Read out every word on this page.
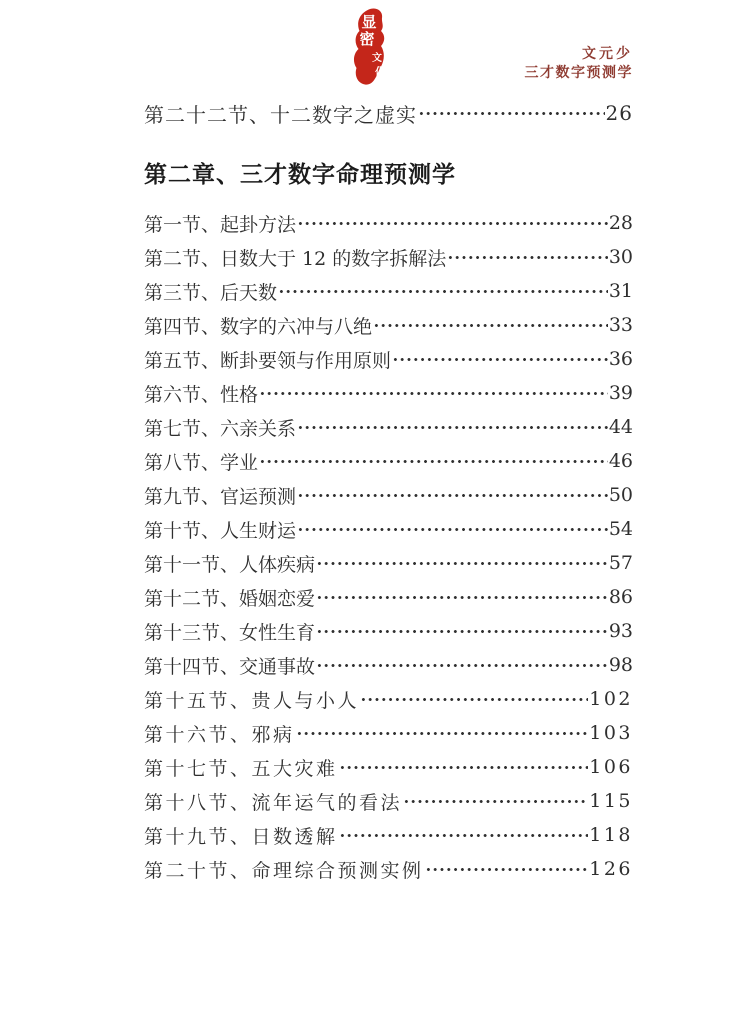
显
密
文
化
文元少
三才数字预测学
第二十二节、十二数字之虚实	26
第二章、三才数字命理预测学
第一节、起卦方法	28
第二节、日数大于 12 的数字拆解法	30
第三节、后天数	31
第四节、数字的六冲与八绝	33
第五节、断卦要领与作用原则	36
第六节、性格	39
第七节、六亲关系	44
第八节、学业	46
第九节、官运预测	50
第十节、人生财运	54
第十一节、人体疾病	57
第十二节、婚姻恋爱	86
第十三节、女性生育	93
第十四节、交通事故	98
第十五节、贵人与小人	102
第十六节、邪病	103
第十七节、五大灾难	106
第十八节、流年运气的看法	115
第十九节、日数透解	118
第二十节、命理综合预测实例	126
